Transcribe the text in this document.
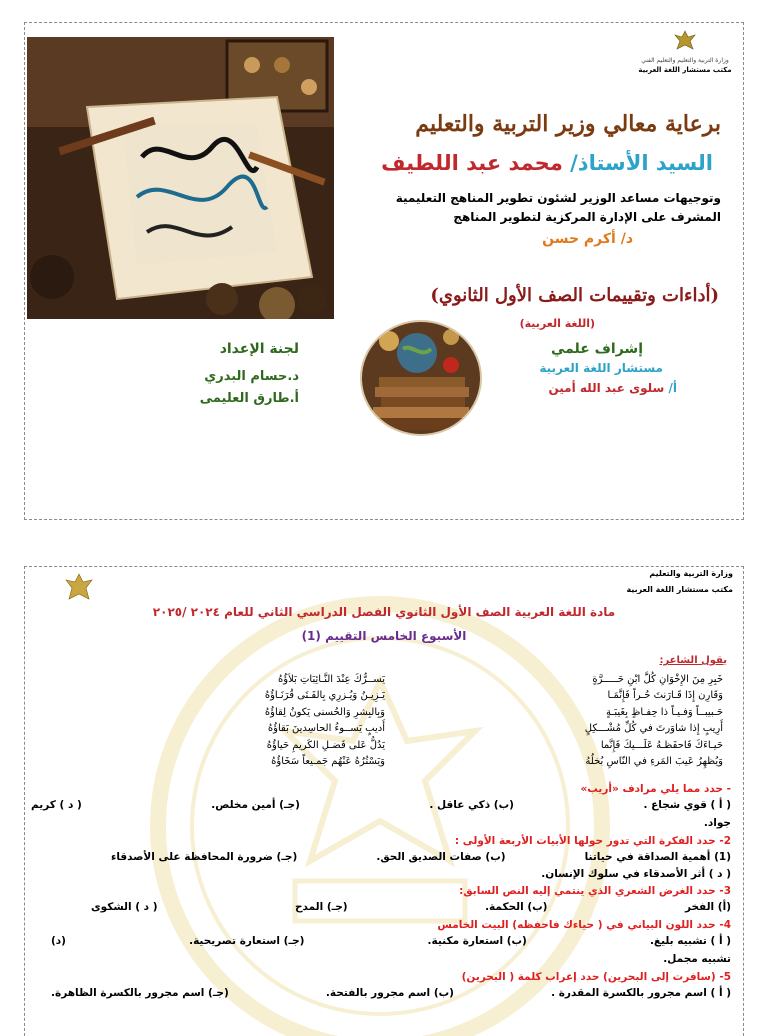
وزارة التربية والتعليم والتعليم الفني
مكتب مستشار اللغة العربية
برعاية معالي وزير التربية والتعليم
السيد الأستاذ/ محمد عبد اللطيف
وتوجيهات مساعد الوزير لشئون تطوير المناهج التعليمية
المشرف على الإدارة المركزية لتطوير المناهج
د/ أكرم حسن
(أداءات وتقييمات الصف الأول الثانوي)
(اللغة العربية)
إشراف علمي
مستشار اللغة العربية
أ/ سلوى عبد الله أمين
لجنة الإعداد
د.حسام البدري
أ.طارق العليمى
وزارة التربية والتعليم
مكتب مستشار اللغة العربية
مادة اللغة العربية الصف الأول الثانوي الفصل الدراسي الثاني للعام ٢٠٢٤ /٢٠٢٥
الأسبوع الخامس التقييم (1)
يقول الشاعر:
خَبِرِ مِنَ الإِخْوَانِ كُلَّ ابْنِ حَـــــرَّةٍ
يَســرُّكَ عِنْدَ النَّـائِبَاتِ بَلاَؤُهُ
وَقَارِن إِذَا قَـارَنتَ حُـراً فَإِنَّمَـا
يَـزِيـنُ وَيُـزرِي بِالفَـتَى قُرَنَـاؤُهُ
حَـبيبــاً وَفـيـاً ذا حِفـاظٍ بِغَيبَـةٍ
وَبِالبِشرِ وَالحُسنى يَكونُ لِقاؤُهُ
أَرِيبٍ إِذا شاوَرتَ في كُلِّ مُشْـــكِلٍ
أَديبٍ يَســوءُ الحاسِدينَ بَقاؤُهُ
حَيـاءَكَ فَاحفَظـهُ عَلَـــيكَ فَإِنَّما
يَدُلُّ عَلى فَضـلِ الكَريمِ حَياؤُهُ
وَيُظهِرُ عَيبَ المَرءِ في النّاسِ بُخلُهُ
وَيَسْتُرُهُ عَنْهُم جَمـيعاً سَخَاؤُهُ
- حدد مما يلي مرادف «أريب»
( أ ) قوي شجاع .
(ب) ذكي عاقل .
(جـ) أمين مخلص.
( د ) كريم
جواد.
2- حدد الفكرة التي تدور حولها الأبيات الأربعة الأولى :
(1) أهمية الصداقة في حياتنا
(ب) صفات الصديق الحق.
(جـ) ضرورة المحافظة على الأصدقاء
( د ) أثر الأصدقاء في سلوك الإنسان.
3- حدد الغرض الشعري الذي ينتمي إليه النص السابق:
(أ) الفخر
(ب) الحكمة.
(جـ) المدح
( د ) الشكوى
4- حدد اللون البياني في ( حياءك فاحفظه) البيت الخامس
( أ ) تشبيه بليغ.
(ب) استعارة مكنية.
(جـ) استعارة تصريحية.
(د)
تشبيه مجمل.
5- (سافرت إلى البحرين) حدد إعراب كلمة ( البحرين)
( أ ) اسم مجرور بالكسرة المقدرة .
(ب) اسم مجرور بالفتحة.
(جـ) اسم مجرور بالكسرة الظاهرة.
